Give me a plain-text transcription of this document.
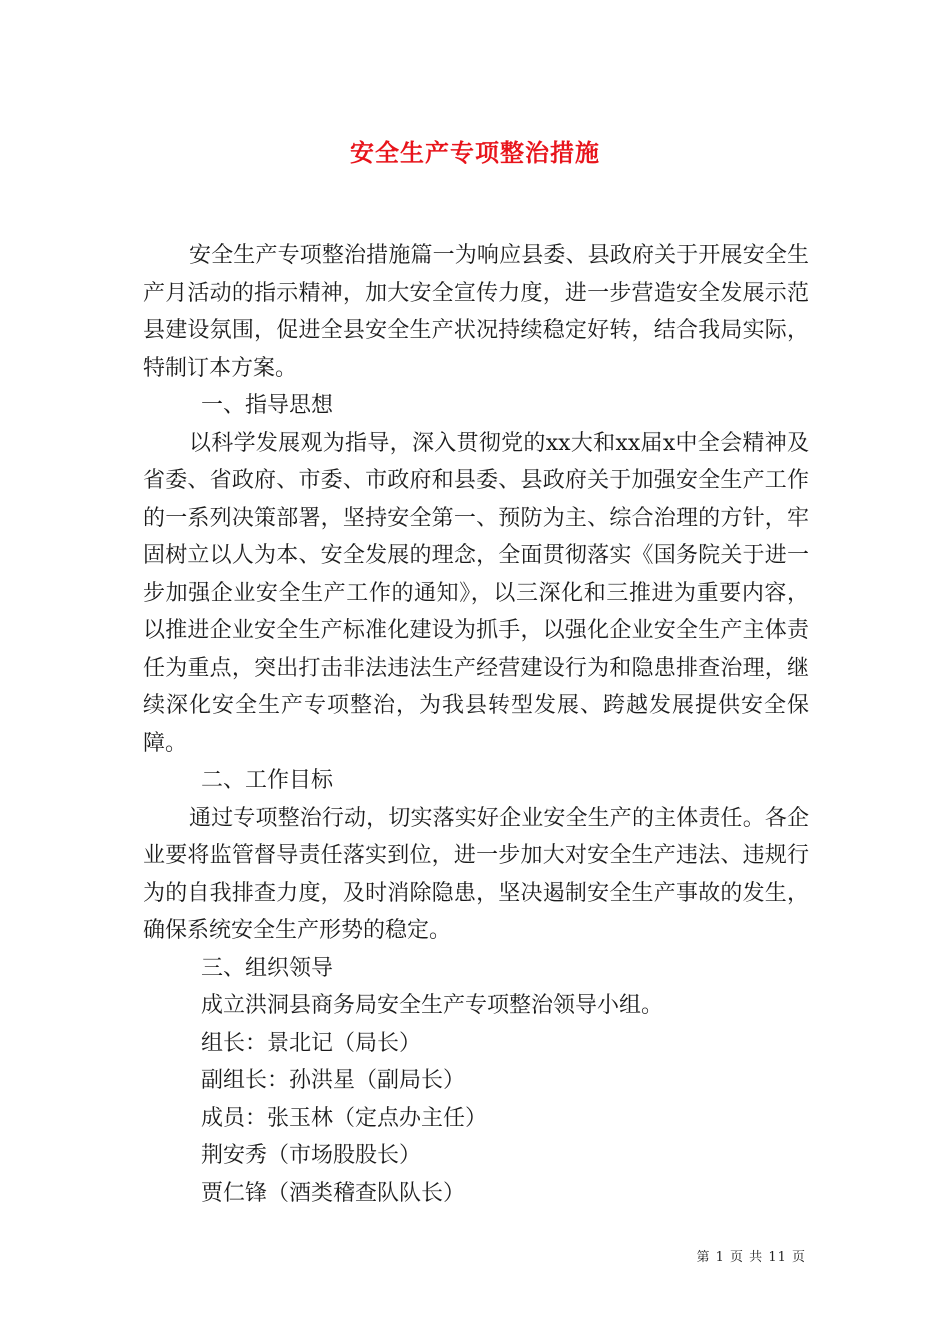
安全生产专项整治措施

安全生产专项整治措施篇一为响应县委、县政府关于开展安全生产月活动的指示精神，加大安全宣传力度，进一步营造安全发展示范县建设氛围，促进全县安全生产状况持续稳定好转，结合我局实际，特制订本方案。

一、指导思想

以科学发展观为指导，深入贯彻党的xx大和xx届x中全会精神及省委、省政府、市委、市政府和县委、县政府关于加强安全生产工作的一系列决策部署，坚持安全第一、预防为主、综合治理的方针，牢固树立以人为本、安全发展的理念，全面贯彻落实《国务院关于进一步加强企业安全生产工作的通知》，以三深化和三推进为重要内容，以推进企业安全生产标准化建设为抓手，以强化企业安全生产主体责任为重点，突出打击非法违法生产经营建设行为和隐患排查治理，继续深化安全生产专项整治，为我县转型发展、跨越发展提供安全保障。

二、工作目标

通过专项整治行动，切实落实好企业安全生产的主体责任。各企业要将监管督导责任落实到位，进一步加大对安全生产违法、违规行为的自我排查力度，及时消除隐患，坚决遏制安全生产事故的发生，确保系统安全生产形势的稳定。

三、组织领导

成立洪洞县商务局安全生产专项整治领导小组。

组长：景北记（局长）

副组长：孙洪星（副局长）

成员：张玉林（定点办主任）

荆安秀（市场股股长）

贾仁锋（酒类稽查队队长）

第 1 页 共 11 页
